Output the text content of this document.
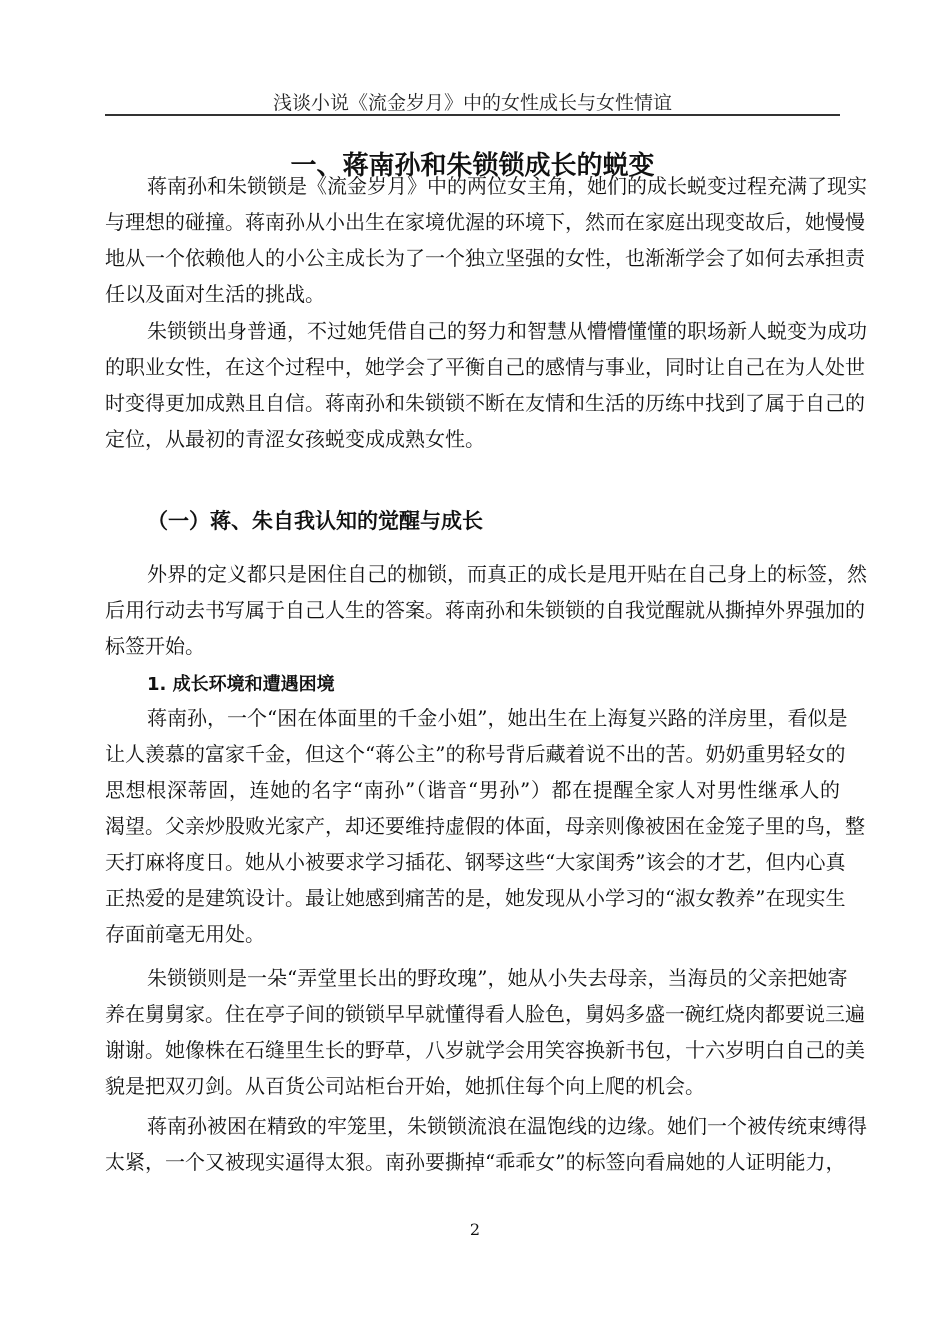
浅谈小说《流金岁月》中的女性成长与女性情谊
一、蒋南孙和朱锁锁成长的蜕变
蒋南孙和朱锁锁是《流金岁月》中的两位女主角，她们的成长蜕变过程充满了现实
与理想的碰撞。蒋南孙从小出生在家境优渥的环境下，然而在家庭出现变故后，她慢慢
地从一个依赖他人的小公主成长为了一个独立坚强的女性，也渐渐学会了如何去承担责
任以及面对生活的挑战。
朱锁锁出身普通，不过她凭借自己的努力和智慧从懵懵懂懂的职场新人蜕变为成功
的职业女性，在这个过程中，她学会了平衡自己的感情与事业，同时让自己在为人处世
时变得更加成熟且自信。蒋南孙和朱锁锁不断在友情和生活的历练中找到了属于自己的
定位，从最初的青涩女孩蜕变成成熟女性。
（一）蒋、朱自我认知的觉醒与成长
外界的定义都只是困住自己的枷锁，而真正的成长是甩开贴在自己身上的标签，然
后用行动去书写属于自己人生的答案。蒋南孙和朱锁锁的自我觉醒就从撕掉外界强加的
标签开始。
1. 成长环境和遭遇困境
蒋南孙，一个“困在体面里的千金小姐”，她出生在上海复兴路的洋房里，看似是
让人羡慕的富家千金，但这个“蒋公主”的称号背后藏着说不出的苦。奶奶重男轻女的
思想根深蒂固，连她的名字“南孙”（谐音“男孙”）都在提醒全家人对男性继承人的
渴望。父亲炒股败光家产，却还要维持虚假的体面，母亲则像被困在金笼子里的鸟，整
天打麻将度日。她从小被要求学习插花、钢琴这些“大家闺秀”该会的才艺，但内心真
正热爱的是建筑设计。最让她感到痛苦的是，她发现从小学习的“淑女教养”在现实生
存面前毫无用处。
朱锁锁则是一朵“弄堂里长出的野玫瑰”，她从小失去母亲，当海员的父亲把她寄
养在舅舅家。住在亭子间的锁锁早早就懂得看人脸色，舅妈多盛一碗红烧肉都要说三遍
谢谢。她像株在石缝里生长的野草，八岁就学会用笑容换新书包，十六岁明白自己的美
貌是把双刃剑。从百货公司站柜台开始，她抓住每个向上爬的机会。
蒋南孙被困在精致的牢笼里，朱锁锁流浪在温饱线的边缘。她们一个被传统束缚得
太紧，一个又被现实逼得太狠。南孙要撕掉“乖乖女”的标签向看扁她的人证明能力，
2
